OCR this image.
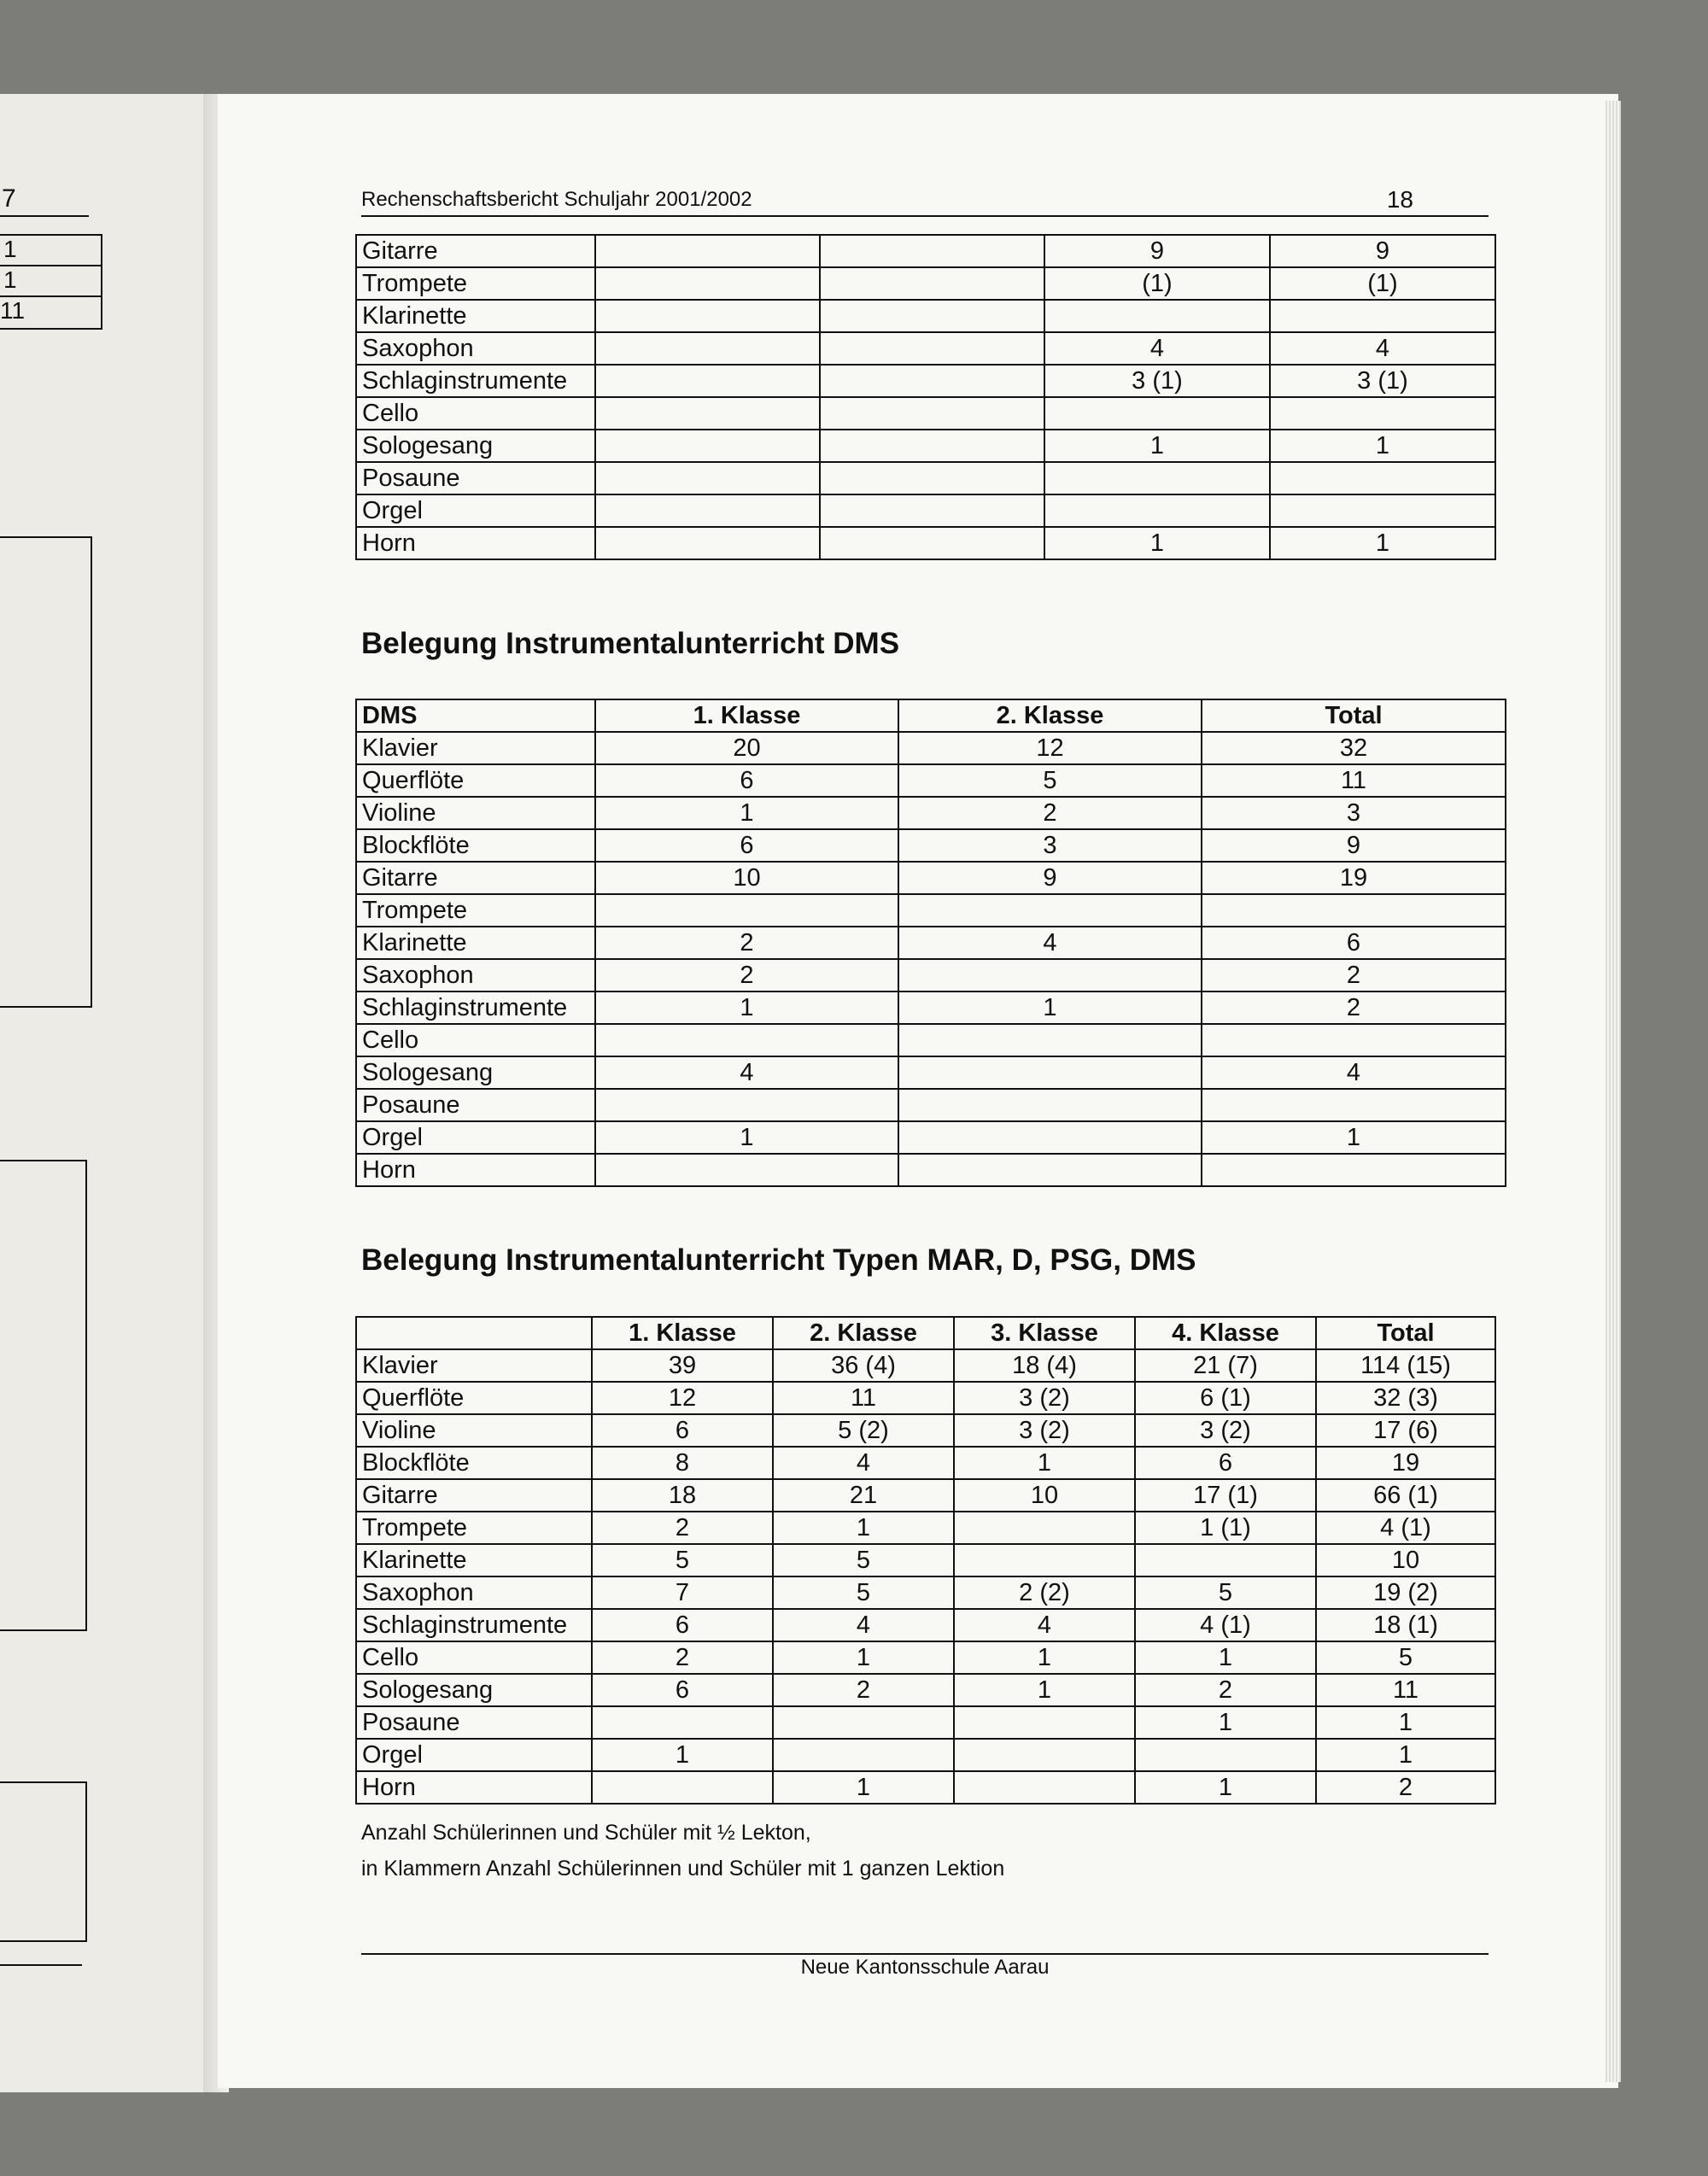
7
1
1
11
Rechenschaftsbericht Schuljahr 2001/2002	18
Gitarre			9	9
Trompete			(1)	(1)
Klarinette				
Saxophon			4	4
Schlaginstrumente			3 (1)	3 (1)
Cello				
Sologesang			1	1
Posaune				
Orgel				
Horn			1	1
Belegung Instrumentalunterricht DMS
DMS	1. Klasse	2. Klasse	Total
Klavier	20	12	32
Querflöte	6	5	11
Violine	1	2	3
Blockflöte	6	3	9
Gitarre	10	9	19
Trompete			
Klarinette	2	4	6
Saxophon	2		2
Schlaginstrumente	1	1	2
Cello			
Sologesang	4		4
Posaune			
Orgel	1		1
Horn			
Belegung Instrumentalunterricht Typen MAR, D, PSG, DMS
	1. Klasse	2. Klasse	3. Klasse	4. Klasse	Total
Klavier	39	36 (4)	18 (4)	21 (7)	114 (15)
Querflöte	12	11	3 (2)	6 (1)	32 (3)
Violine	6	5 (2)	3 (2)	3 (2)	17 (6)
Blockflöte	8	4	1	6	19
Gitarre	18	21	10	17 (1)	66 (1)
Trompete	2	1		1 (1)	4 (1)
Klarinette	5	5			10
Saxophon	7	5	2 (2)	5	19 (2)
Schlaginstrumente	6	4	4	4 (1)	18 (1)
Cello	2	1	1	1	5
Sologesang	6	2	1	2	11
Posaune				1	1
Orgel	1				1
Horn		1		1	2
Anzahl Schülerinnen und Schüler mit ½ Lekton,
in Klammern Anzahl Schülerinnen und Schüler mit 1 ganzen Lektion
Neue Kantonsschule Aarau
